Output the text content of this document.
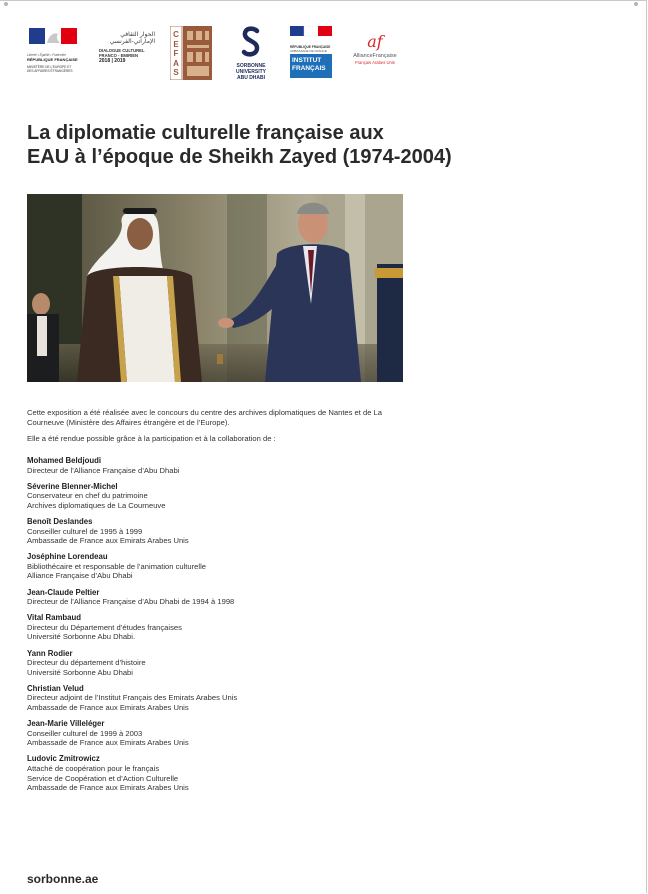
Liberté • Égalité • Fraternité
RÉPUBLIQUE FRANÇAISE
MINISTÈRE DE L'EUROPE ET DES AFFAIRES ÉTRANGÈRES
الحوار الثقافي الإماراتي-الفرنسي
DIALOGUE CULTUREL
FRANCO - EMIRIEN
2018 | 2019
CEFAS
SORBONNE
UNIVERSITY
ABU DHABI
RÉPUBLIQUE FRANÇAISE
AMBASSADE DE FRANCE
INSTITUT
FRANÇAIS
af
AllianceFrançaise
Français Arabes Unis
La diplomatie culturelle française aux
EAU à l’époque de Sheikh Zayed (1974-2004)

Cette exposition a été réalisée avec le concours du centre des archives diplomatiques de Nantes et de La Courneuve (Ministère des Affaires étrangère et de l’Europe).

Elle a été rendue possible grâce à la participation et à la collaboration de :

Mohamed Beldjoudi
Directeur de l’Alliance Française d’Abu Dhabi
Séverine Blenner-Michel
Conservateur en chef du patrimoine
Archives diplomatiques de La Courneuve
Benoît Deslandes
Conseiller culturel de 1995 à 1999
Ambassade de France aux Emirats Arabes Unis
Joséphine Lorendeau
Bibliothécaire et responsable de l’animation culturelle
Alliance Française d’Abu Dhabi
Jean-Claude Peltier
Directeur de l’Alliance Française d’Abu Dhabi de 1994 à 1998
Vital Rambaud
Directeur du Département d’études françaises
Université Sorbonne Abu Dhabi.
Yann Rodier
Directeur du département d’histoire
Université Sorbonne Abu Dhabi
Christian Velud
Directeur adjoint de l’Institut Français des Emirats Arabes Unis
Ambassade de France aux Emirats Arabes Unis
Jean-Marie Villeléger
Conseiller culturel de 1999 à 2003
Ambassade de France aux Emirats Arabes Unis
Ludovic Zmitrowicz
Attaché de coopération pour le français
Service de Coopération et d’Action Culturelle
Ambassade de France aux Emirats Arabes Unis
sorbonne.ae
